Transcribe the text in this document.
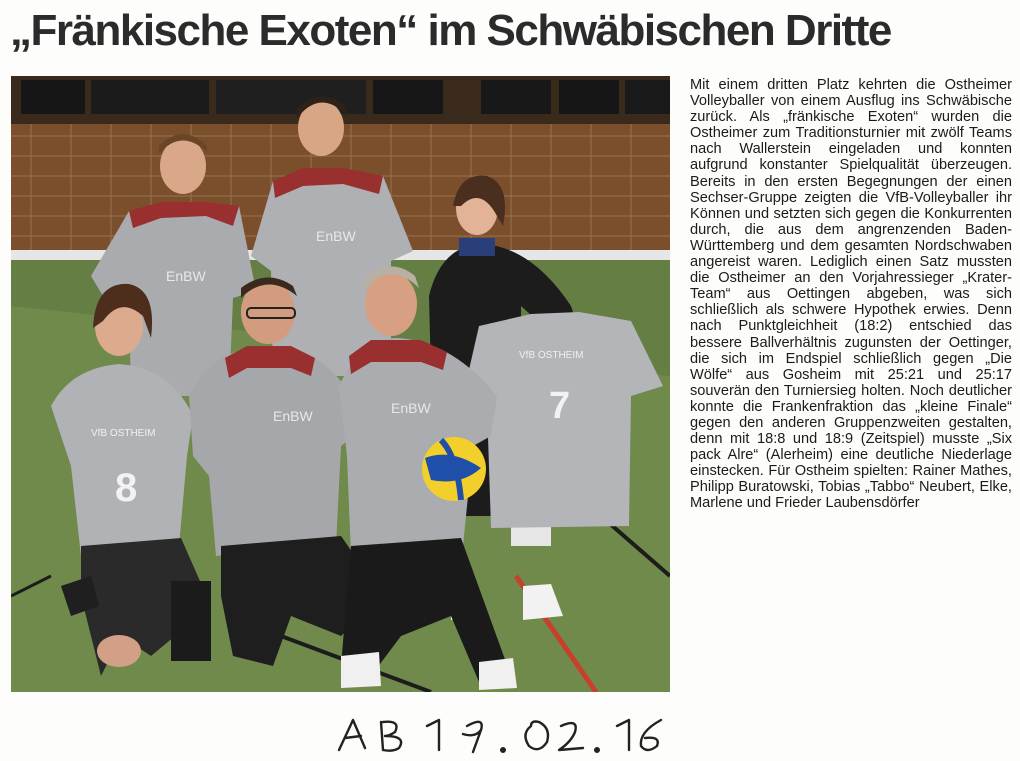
„Fränkische Exoten“ im Schwäbischen Dritte
EnBW
EnBW
VfB OSTHEIM
7
VfB OSTHEIM
8
EnBW	EnBW

Mit einem dritten Platz kehrten die Ostheimer Volleyballer von einem Ausflug ins Schwäbische zurück. Als „fränkische Exoten“ wurden die Ostheimer zum Traditionsturnier mit zwölf Teams nach Wallerstein eingeladen und konnten aufgrund konstanter Spielqualität überzeugen. Bereits in den ersten Begegnungen der einen Sechser-Gruppe zeigten die VfB-Volleyballer ihr Können und setzten sich gegen die Konkurrenten durch, die aus dem angrenzenden Baden-Württemberg und dem gesamten Nordschwaben angereist waren. Lediglich einen Satz mussten die Ostheimer an den Vorjahressieger „Krater-Team“ aus Oettingen abgeben, was sich schließlich als schwere Hypothek erwies. Denn nach Punktgleichheit (18:2) entschied das bessere Ballverhältnis zugunsten der Oettinger, die sich im Endspiel schließlich gegen „Die Wölfe“ aus Gosheim mit 25:21 und 25:17 souverän den Turniersieg holten. Noch deutlicher konnte die Frankenfraktion das „kleine Finale“ gegen den anderen Gruppenzweiten gestalten, denn mit 18:8 und 18:9 (Zeitspiel) musste „Six pack Alre“ (Alerheim) eine deutliche Niederlage einstecken. Für Ostheim spielten: Rainer Mathes, Philipp Buratowski, Tobias „Tabbo“ Neubert, Elke, Marlene und Frieder Laubensdörfer
